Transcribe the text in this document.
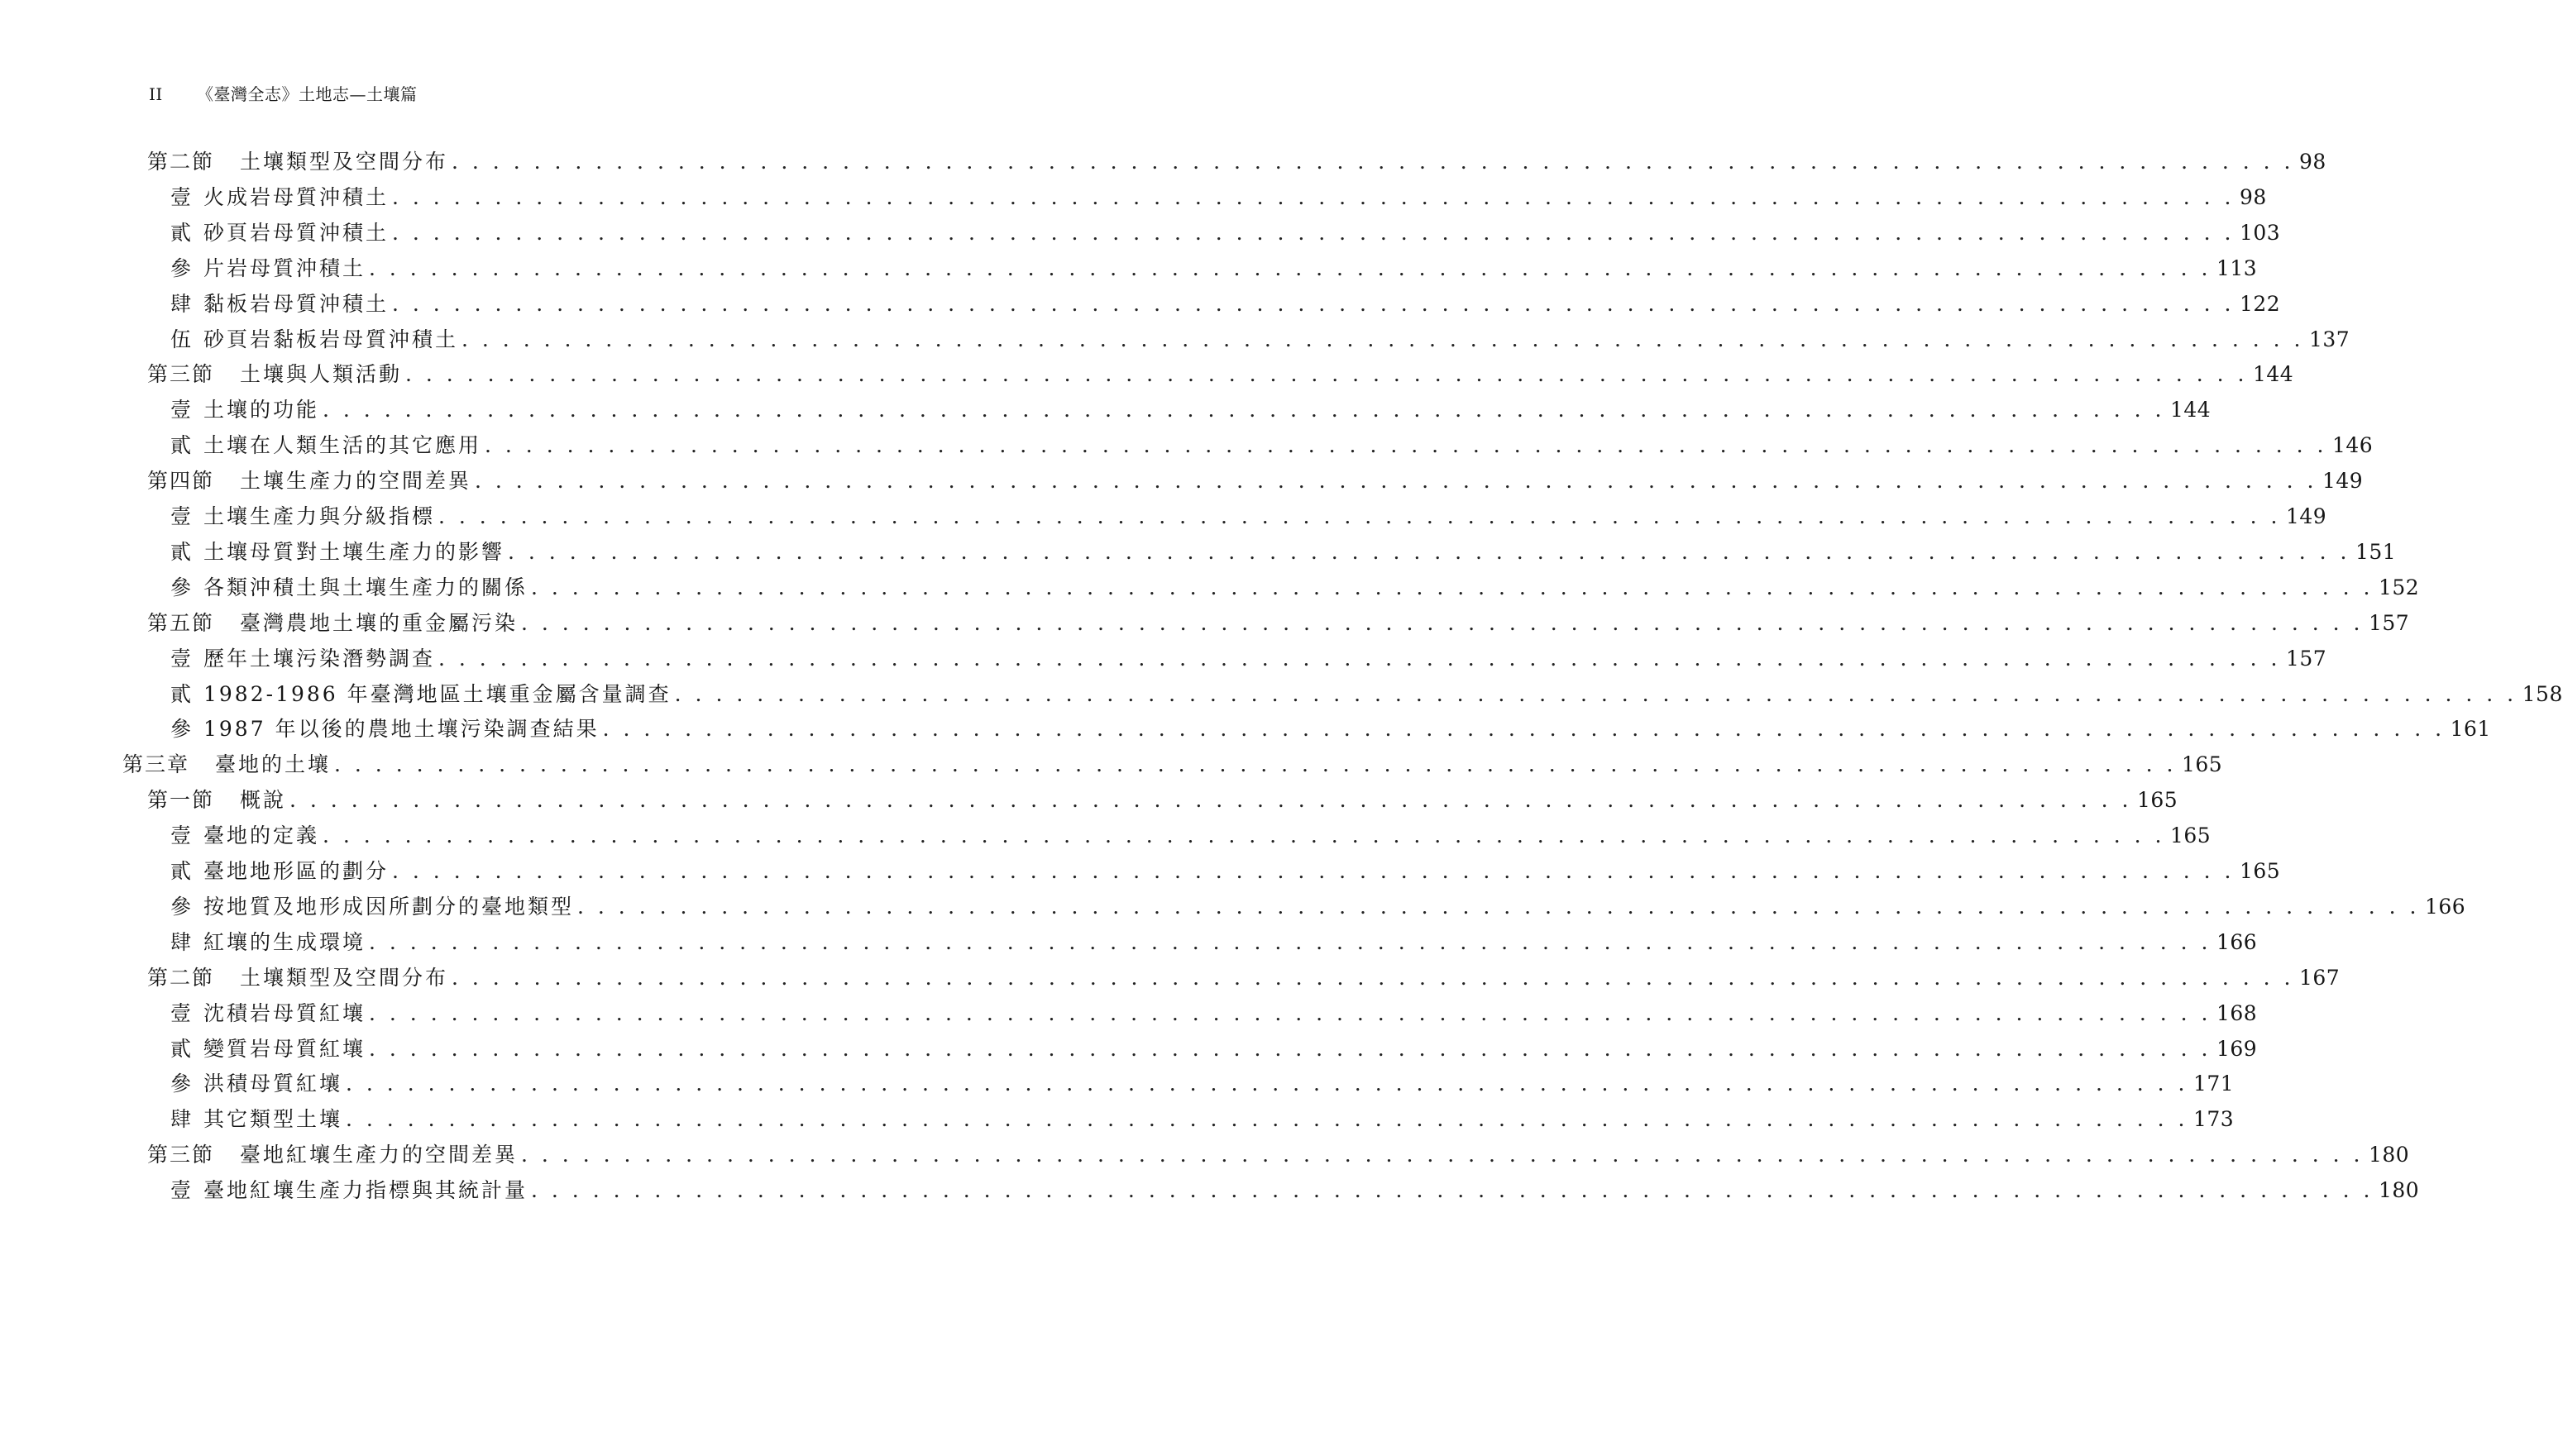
II 《臺灣全志》土地志—土壤篇
第二節	土壤類型及空間分布 . . . . . . . . . . . . . . . . . . . . . . . . . . . . . . . . . . . . . . . . . . . . . . . . . . . . . . . . . . . . . . . . . . . . . . . . . . . . . . . . . . . . . . . . . . 98
壹 火成岩母質沖積土 . . . . . . . . . . . . . . . . . . . . . . . . . . . . . . . . . . . . . . . . . . . . . . . . . . . . . . . . . . . . . . . . . . . . . . . . . . . . . . . . . . . . . . . . . . 98
貳 砂頁岩母質沖積土 . . . . . . . . . . . . . . . . . . . . . . . . . . . . . . . . . . . . . . . . . . . . . . . . . . . . . . . . . . . . . . . . . . . . . . . . . . . . . . . . . . . . . . . . . . 103
參 片岩母質沖積土 . . . . . . . . . . . . . . . . . . . . . . . . . . . . . . . . . . . . . . . . . . . . . . . . . . . . . . . . . . . . . . . . . . . . . . . . . . . . . . . . . . . . . . . . . . 113
肆 黏板岩母質沖積土 . . . . . . . . . . . . . . . . . . . . . . . . . . . . . . . . . . . . . . . . . . . . . . . . . . . . . . . . . . . . . . . . . . . . . . . . . . . . . . . . . . . . . . . . . . 122
伍 砂頁岩黏板岩母質沖積土 . . . . . . . . . . . . . . . . . . . . . . . . . . . . . . . . . . . . . . . . . . . . . . . . . . . . . . . . . . . . . . . . . . . . . . . . . . . . . . . . . . . . . . . . . . 137
第三節	土壤與人類活動 . . . . . . . . . . . . . . . . . . . . . . . . . . . . . . . . . . . . . . . . . . . . . . . . . . . . . . . . . . . . . . . . . . . . . . . . . . . . . . . . . . . . . . . . . . 144
壹 土壤的功能 . . . . . . . . . . . . . . . . . . . . . . . . . . . . . . . . . . . . . . . . . . . . . . . . . . . . . . . . . . . . . . . . . . . . . . . . . . . . . . . . . . . . . . . . . . 144
貳 土壤在人類生活的其它應用 . . . . . . . . . . . . . . . . . . . . . . . . . . . . . . . . . . . . . . . . . . . . . . . . . . . . . . . . . . . . . . . . . . . . . . . . . . . . . . . . . . . . . . . . . . 146
第四節	土壤生產力的空間差異 . . . . . . . . . . . . . . . . . . . . . . . . . . . . . . . . . . . . . . . . . . . . . . . . . . . . . . . . . . . . . . . . . . . . . . . . . . . . . . . . . . . . . . . . . . 149
壹 土壤生產力與分級指標 . . . . . . . . . . . . . . . . . . . . . . . . . . . . . . . . . . . . . . . . . . . . . . . . . . . . . . . . . . . . . . . . . . . . . . . . . . . . . . . . . . . . . . . . . . 149
貳 土壤母質對土壤生產力的影響 . . . . . . . . . . . . . . . . . . . . . . . . . . . . . . . . . . . . . . . . . . . . . . . . . . . . . . . . . . . . . . . . . . . . . . . . . . . . . . . . . . . . . . . . . . 151
參 各類沖積土與土壤生產力的關係 . . . . . . . . . . . . . . . . . . . . . . . . . . . . . . . . . . . . . . . . . . . . . . . . . . . . . . . . . . . . . . . . . . . . . . . . . . . . . . . . . . . . . . . . . . 152
第五節	臺灣農地土壤的重金屬污染 . . . . . . . . . . . . . . . . . . . . . . . . . . . . . . . . . . . . . . . . . . . . . . . . . . . . . . . . . . . . . . . . . . . . . . . . . . . . . . . . . . . . . . . . . . 157
壹 歷年土壤污染潛勢調查 . . . . . . . . . . . . . . . . . . . . . . . . . . . . . . . . . . . . . . . . . . . . . . . . . . . . . . . . . . . . . . . . . . . . . . . . . . . . . . . . . . . . . . . . . . 157
貳 1982-1986 年臺灣地區土壤重金屬含量調查 . . . . . . . . . . . . . . . . . . . . . . . . . . . . . . . . . . . . . . . . . . . . . . . . . . . . . . . . . . . . . . . . . . . . . . . . . . . . . . . . . . . . . . . . . . 158
參 1987 年以後的農地土壤污染調查結果 . . . . . . . . . . . . . . . . . . . . . . . . . . . . . . . . . . . . . . . . . . . . . . . . . . . . . . . . . . . . . . . . . . . . . . . . . . . . . . . . . . . . . . . . . . 161
第三章	臺地的土壤 . . . . . . . . . . . . . . . . . . . . . . . . . . . . . . . . . . . . . . . . . . . . . . . . . . . . . . . . . . . . . . . . . . . . . . . . . . . . . . . . . . . . . . . . . . 165
第一節	概說 . . . . . . . . . . . . . . . . . . . . . . . . . . . . . . . . . . . . . . . . . . . . . . . . . . . . . . . . . . . . . . . . . . . . . . . . . . . . . . . . . . . . . . . . . . 165
壹 臺地的定義 . . . . . . . . . . . . . . . . . . . . . . . . . . . . . . . . . . . . . . . . . . . . . . . . . . . . . . . . . . . . . . . . . . . . . . . . . . . . . . . . . . . . . . . . . . 165
貳 臺地地形區的劃分 . . . . . . . . . . . . . . . . . . . . . . . . . . . . . . . . . . . . . . . . . . . . . . . . . . . . . . . . . . . . . . . . . . . . . . . . . . . . . . . . . . . . . . . . . . 165
參 按地質及地形成因所劃分的臺地類型 . . . . . . . . . . . . . . . . . . . . . . . . . . . . . . . . . . . . . . . . . . . . . . . . . . . . . . . . . . . . . . . . . . . . . . . . . . . . . . . . . . . . . . . . . . 166
肆 紅壤的生成環境 . . . . . . . . . . . . . . . . . . . . . . . . . . . . . . . . . . . . . . . . . . . . . . . . . . . . . . . . . . . . . . . . . . . . . . . . . . . . . . . . . . . . . . . . . . 166
第二節	土壤類型及空間分布 . . . . . . . . . . . . . . . . . . . . . . . . . . . . . . . . . . . . . . . . . . . . . . . . . . . . . . . . . . . . . . . . . . . . . . . . . . . . . . . . . . . . . . . . . . 167
壹 沈積岩母質紅壤 . . . . . . . . . . . . . . . . . . . . . . . . . . . . . . . . . . . . . . . . . . . . . . . . . . . . . . . . . . . . . . . . . . . . . . . . . . . . . . . . . . . . . . . . . . 168
貳 變質岩母質紅壤 . . . . . . . . . . . . . . . . . . . . . . . . . . . . . . . . . . . . . . . . . . . . . . . . . . . . . . . . . . . . . . . . . . . . . . . . . . . . . . . . . . . . . . . . . . 169
參 洪積母質紅壤 . . . . . . . . . . . . . . . . . . . . . . . . . . . . . . . . . . . . . . . . . . . . . . . . . . . . . . . . . . . . . . . . . . . . . . . . . . . . . . . . . . . . . . . . . . 171
肆 其它類型土壤 . . . . . . . . . . . . . . . . . . . . . . . . . . . . . . . . . . . . . . . . . . . . . . . . . . . . . . . . . . . . . . . . . . . . . . . . . . . . . . . . . . . . . . . . . . 173
第三節	臺地紅壤生產力的空間差異 . . . . . . . . . . . . . . . . . . . . . . . . . . . . . . . . . . . . . . . . . . . . . . . . . . . . . . . . . . . . . . . . . . . . . . . . . . . . . . . . . . . . . . . . . . 180
壹 臺地紅壤生產力指標與其統計量 . . . . . . . . . . . . . . . . . . . . . . . . . . . . . . . . . . . . . . . . . . . . . . . . . . . . . . . . . . . . . . . . . . . . . . . . . . . . . . . . . . . . . . . . . . 180
